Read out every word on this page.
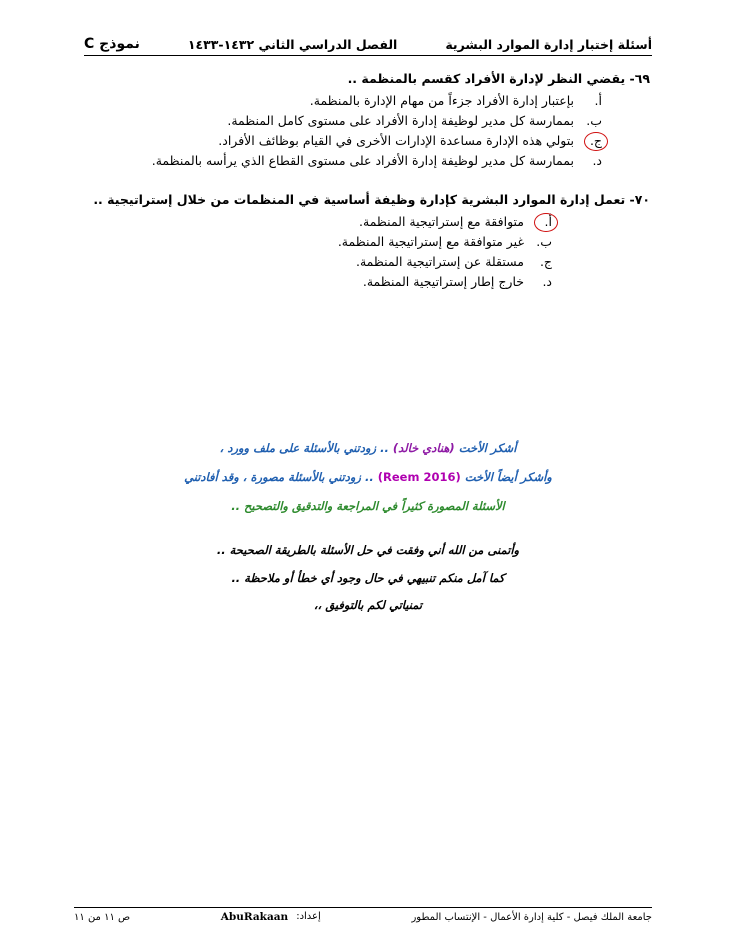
أسئلة إختبار إدارة الموارد البشرية
الفصل الدراسي الثاني ١٤٣٢-١٤٣٣
نموذج C
٦٩- يقضي النظر لإدارة الأفراد كقسم بالمنظمة ..
أ.
بإعتبار إدارة الأفراد جزءاً من مهام الإدارة بالمنظمة.
ب.
بممارسة كل مدير لوظيفة إدارة الأفراد على مستوى كامل المنظمة.
ج.
بتولي هذه الإدارة مساعدة الإدارات الأخرى في القيام بوظائف الأفراد.
د.
بممارسة كل مدير لوظيفة إدارة الأفراد على مستوى القطاع الذي يرأسه بالمنظمة.
٧٠- تعمل إدارة الموارد البشرية كإدارة وظيفة أساسية في المنظمات من خلال إستراتيجية ..
أ.
متوافقة مع إستراتيجية المنظمة.
ب.
غير متوافقة مع إستراتيجية المنظمة.
ج.
مستقلة عن إستراتيجية المنظمة.
د.
خارج إطار إستراتيجية المنظمة.
أشكر الأخت (هنادي خالد) .. زودتني بالأسئلة على ملف وورد ،
وأشكر أيضاً الأخت (Reem 2016) .. زودتني بالأسئلة مصورة ، وقد أفادتني
الأسئلة المصورة كثيراً في المراجعة والتدقيق والتصحيح ..
وأتمنى من الله أني وفقت في حل الأسئلة بالطريقة الصحيحة ..
كما آمل منكم تنبيهي في حال وجود أي خطأ أو ملاحظة ..
تمنياتي لكم بالتوفيق ،،
جامعة الملك فيصل - كلية إدارة الأعمال - الإنتساب المطور
إعداد:
AbuRakaan
ص ١١ من ١١
